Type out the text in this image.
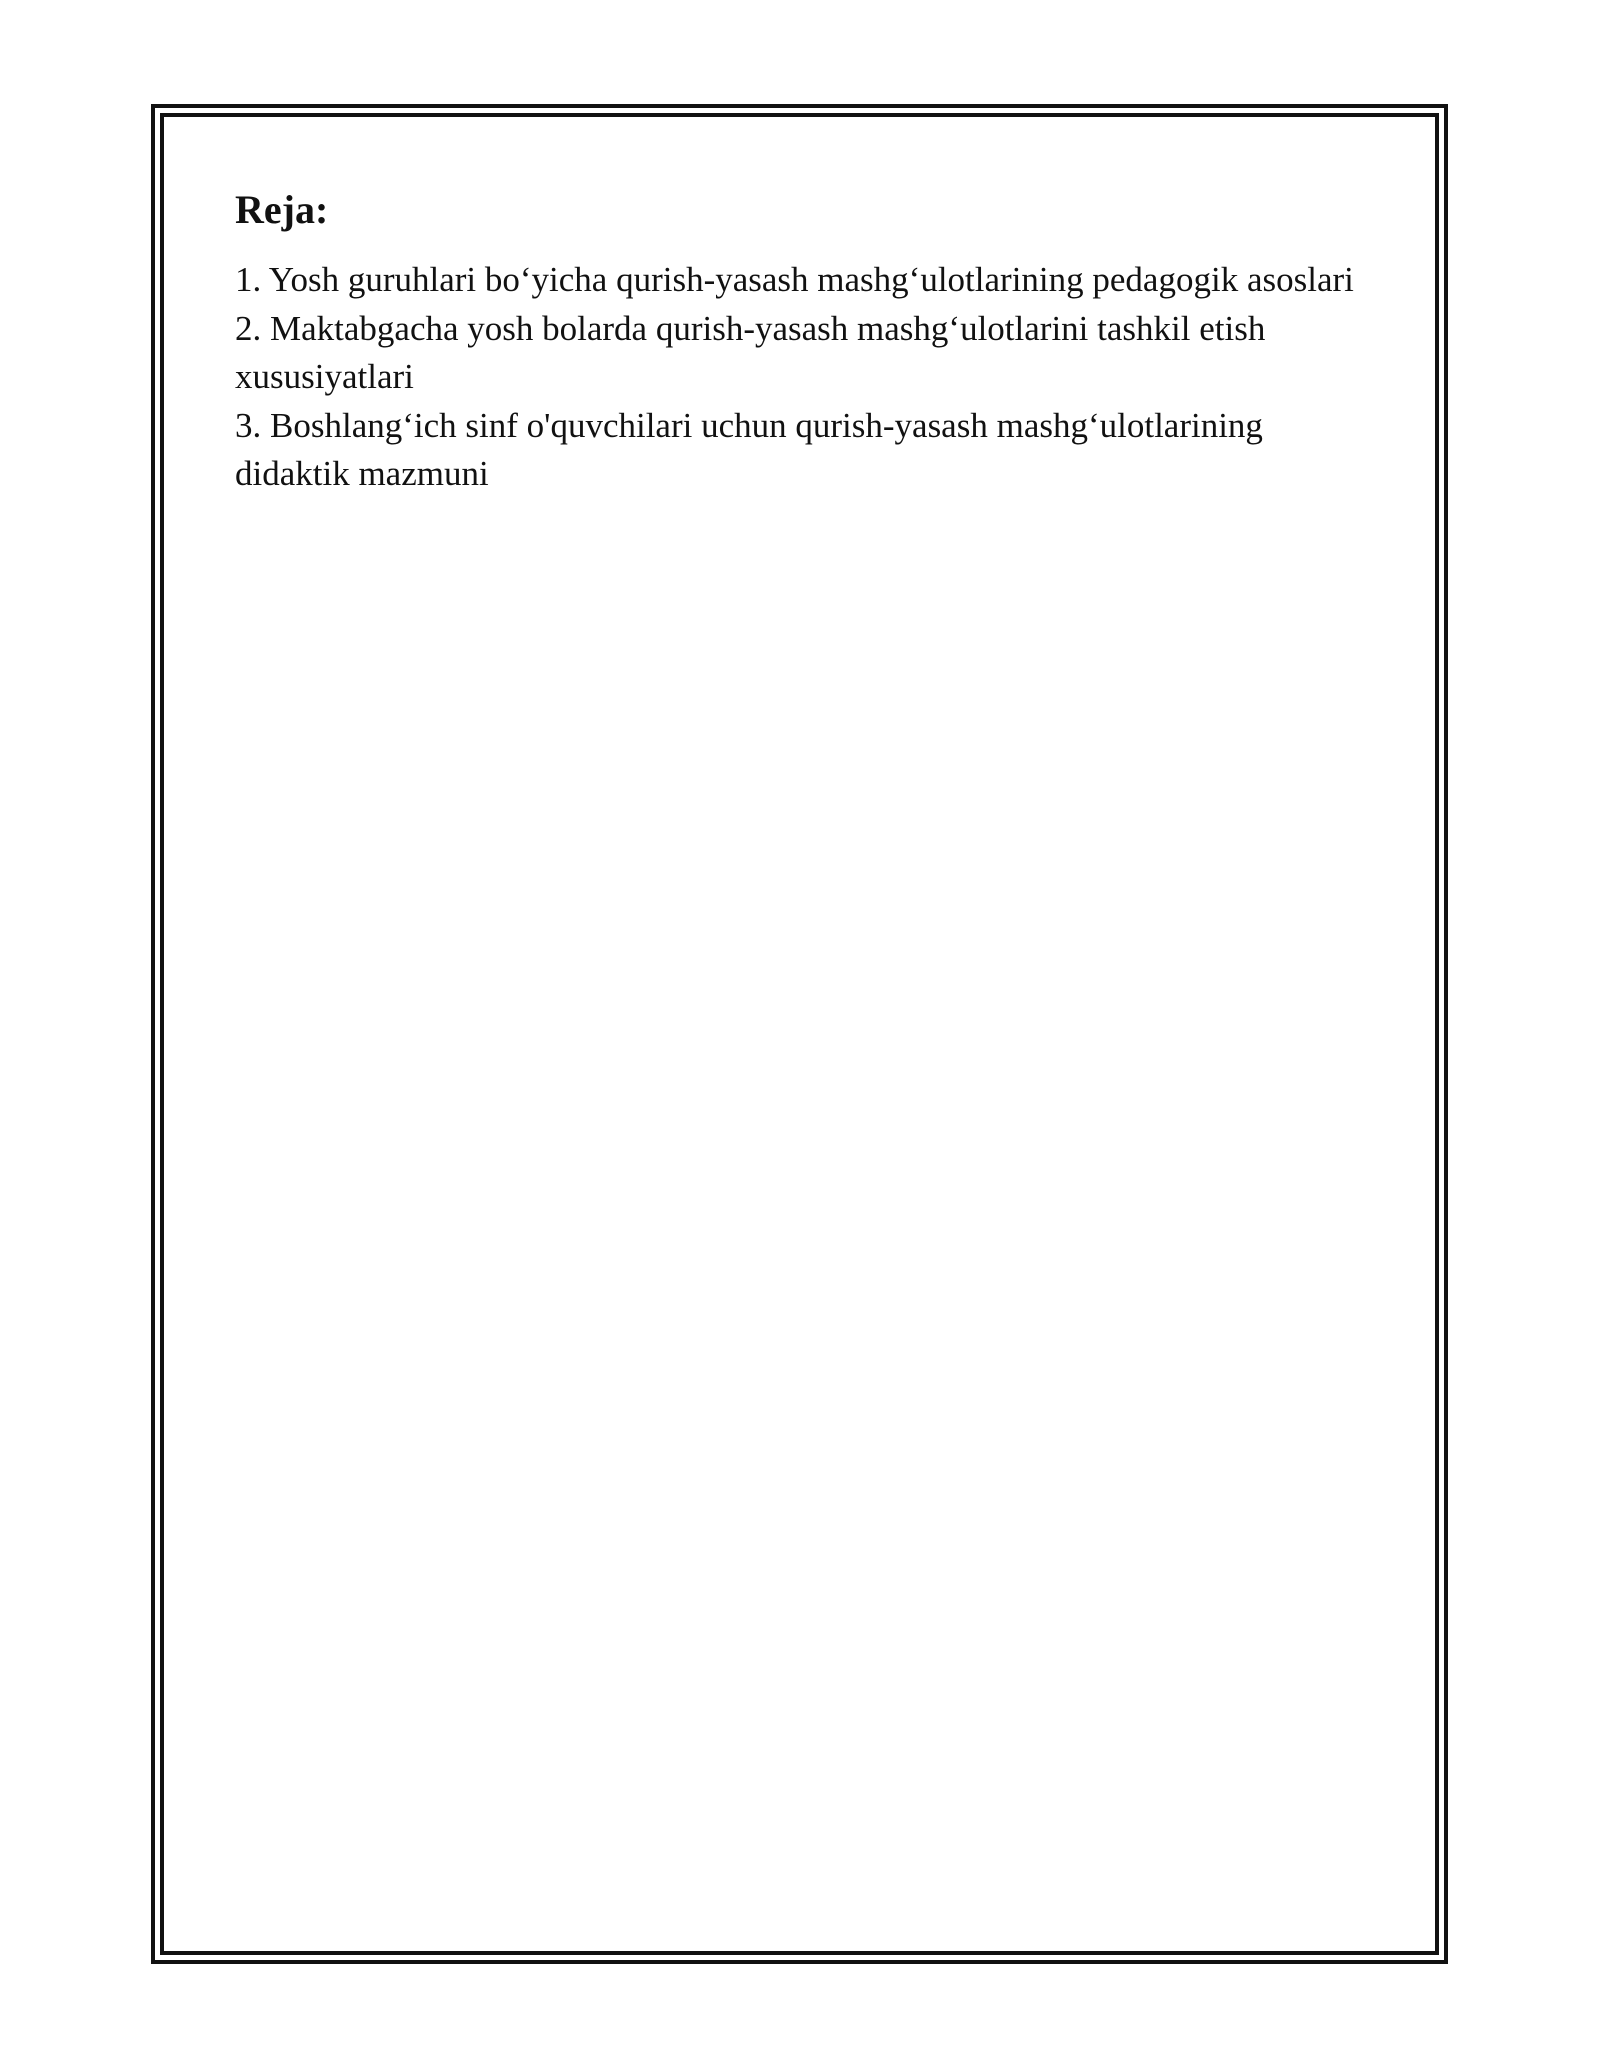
Reja:

1. Yosh guruhlari bo‘yicha qurish-yasash mashg‘ulotlarining pedagogik asoslari

2. Maktabgacha yosh bolarda qurish-yasash mashg‘ulotlarini tashkil etish xususiyatlari

3. Boshlang‘ich sinf o'quvchilari uchun qurish-yasash mashg‘ulotlarining didaktik mazmuni
